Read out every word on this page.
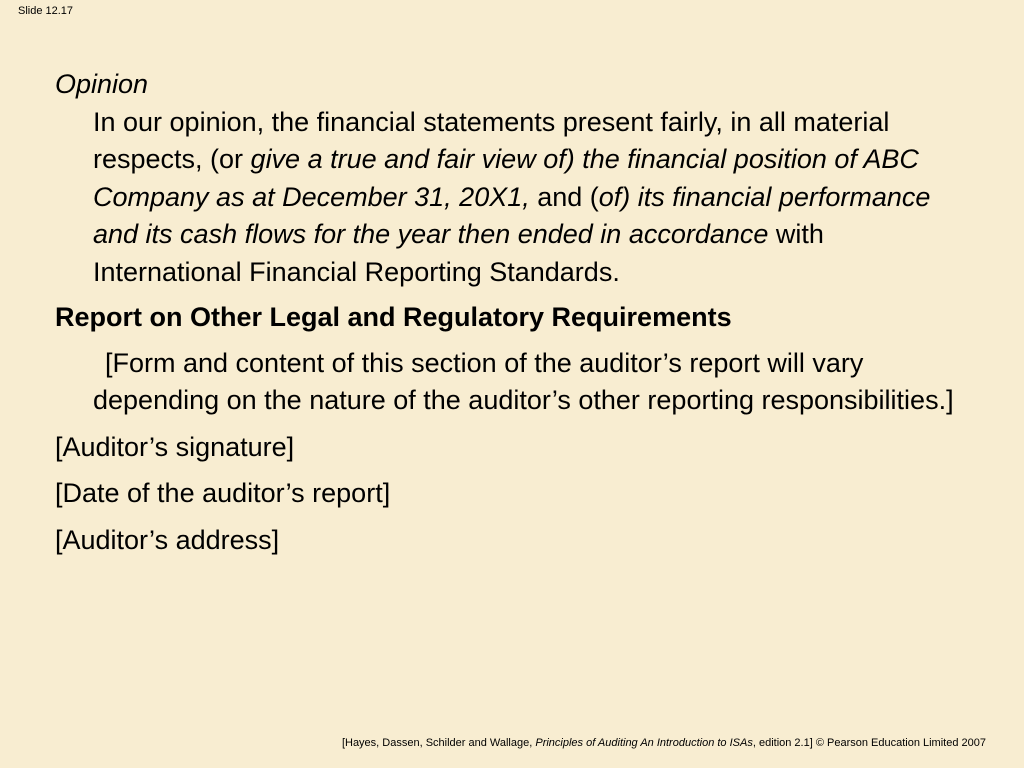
Slide 12.17

Opinion

In our opinion, the financial statements present fairly, in all material respects, (or give a true and fair view of) the financial position of ABC Company as at December 31, 20X1, and (of) its financial performance and its cash flows for the year then ended in accordance with International Financial Reporting Standards.

Report on Other Legal and Regulatory Requirements

[Form and content of this section of the auditor’s report will vary depending on the nature of the auditor’s other reporting responsibilities.]

[Auditor’s signature]

[Date of the auditor’s report]

[Auditor’s address]

[Hayes, Dassen, Schilder and Wallage, Principles of Auditing An Introduction to ISAs, edition 2.1] © Pearson Education Limited 2007
